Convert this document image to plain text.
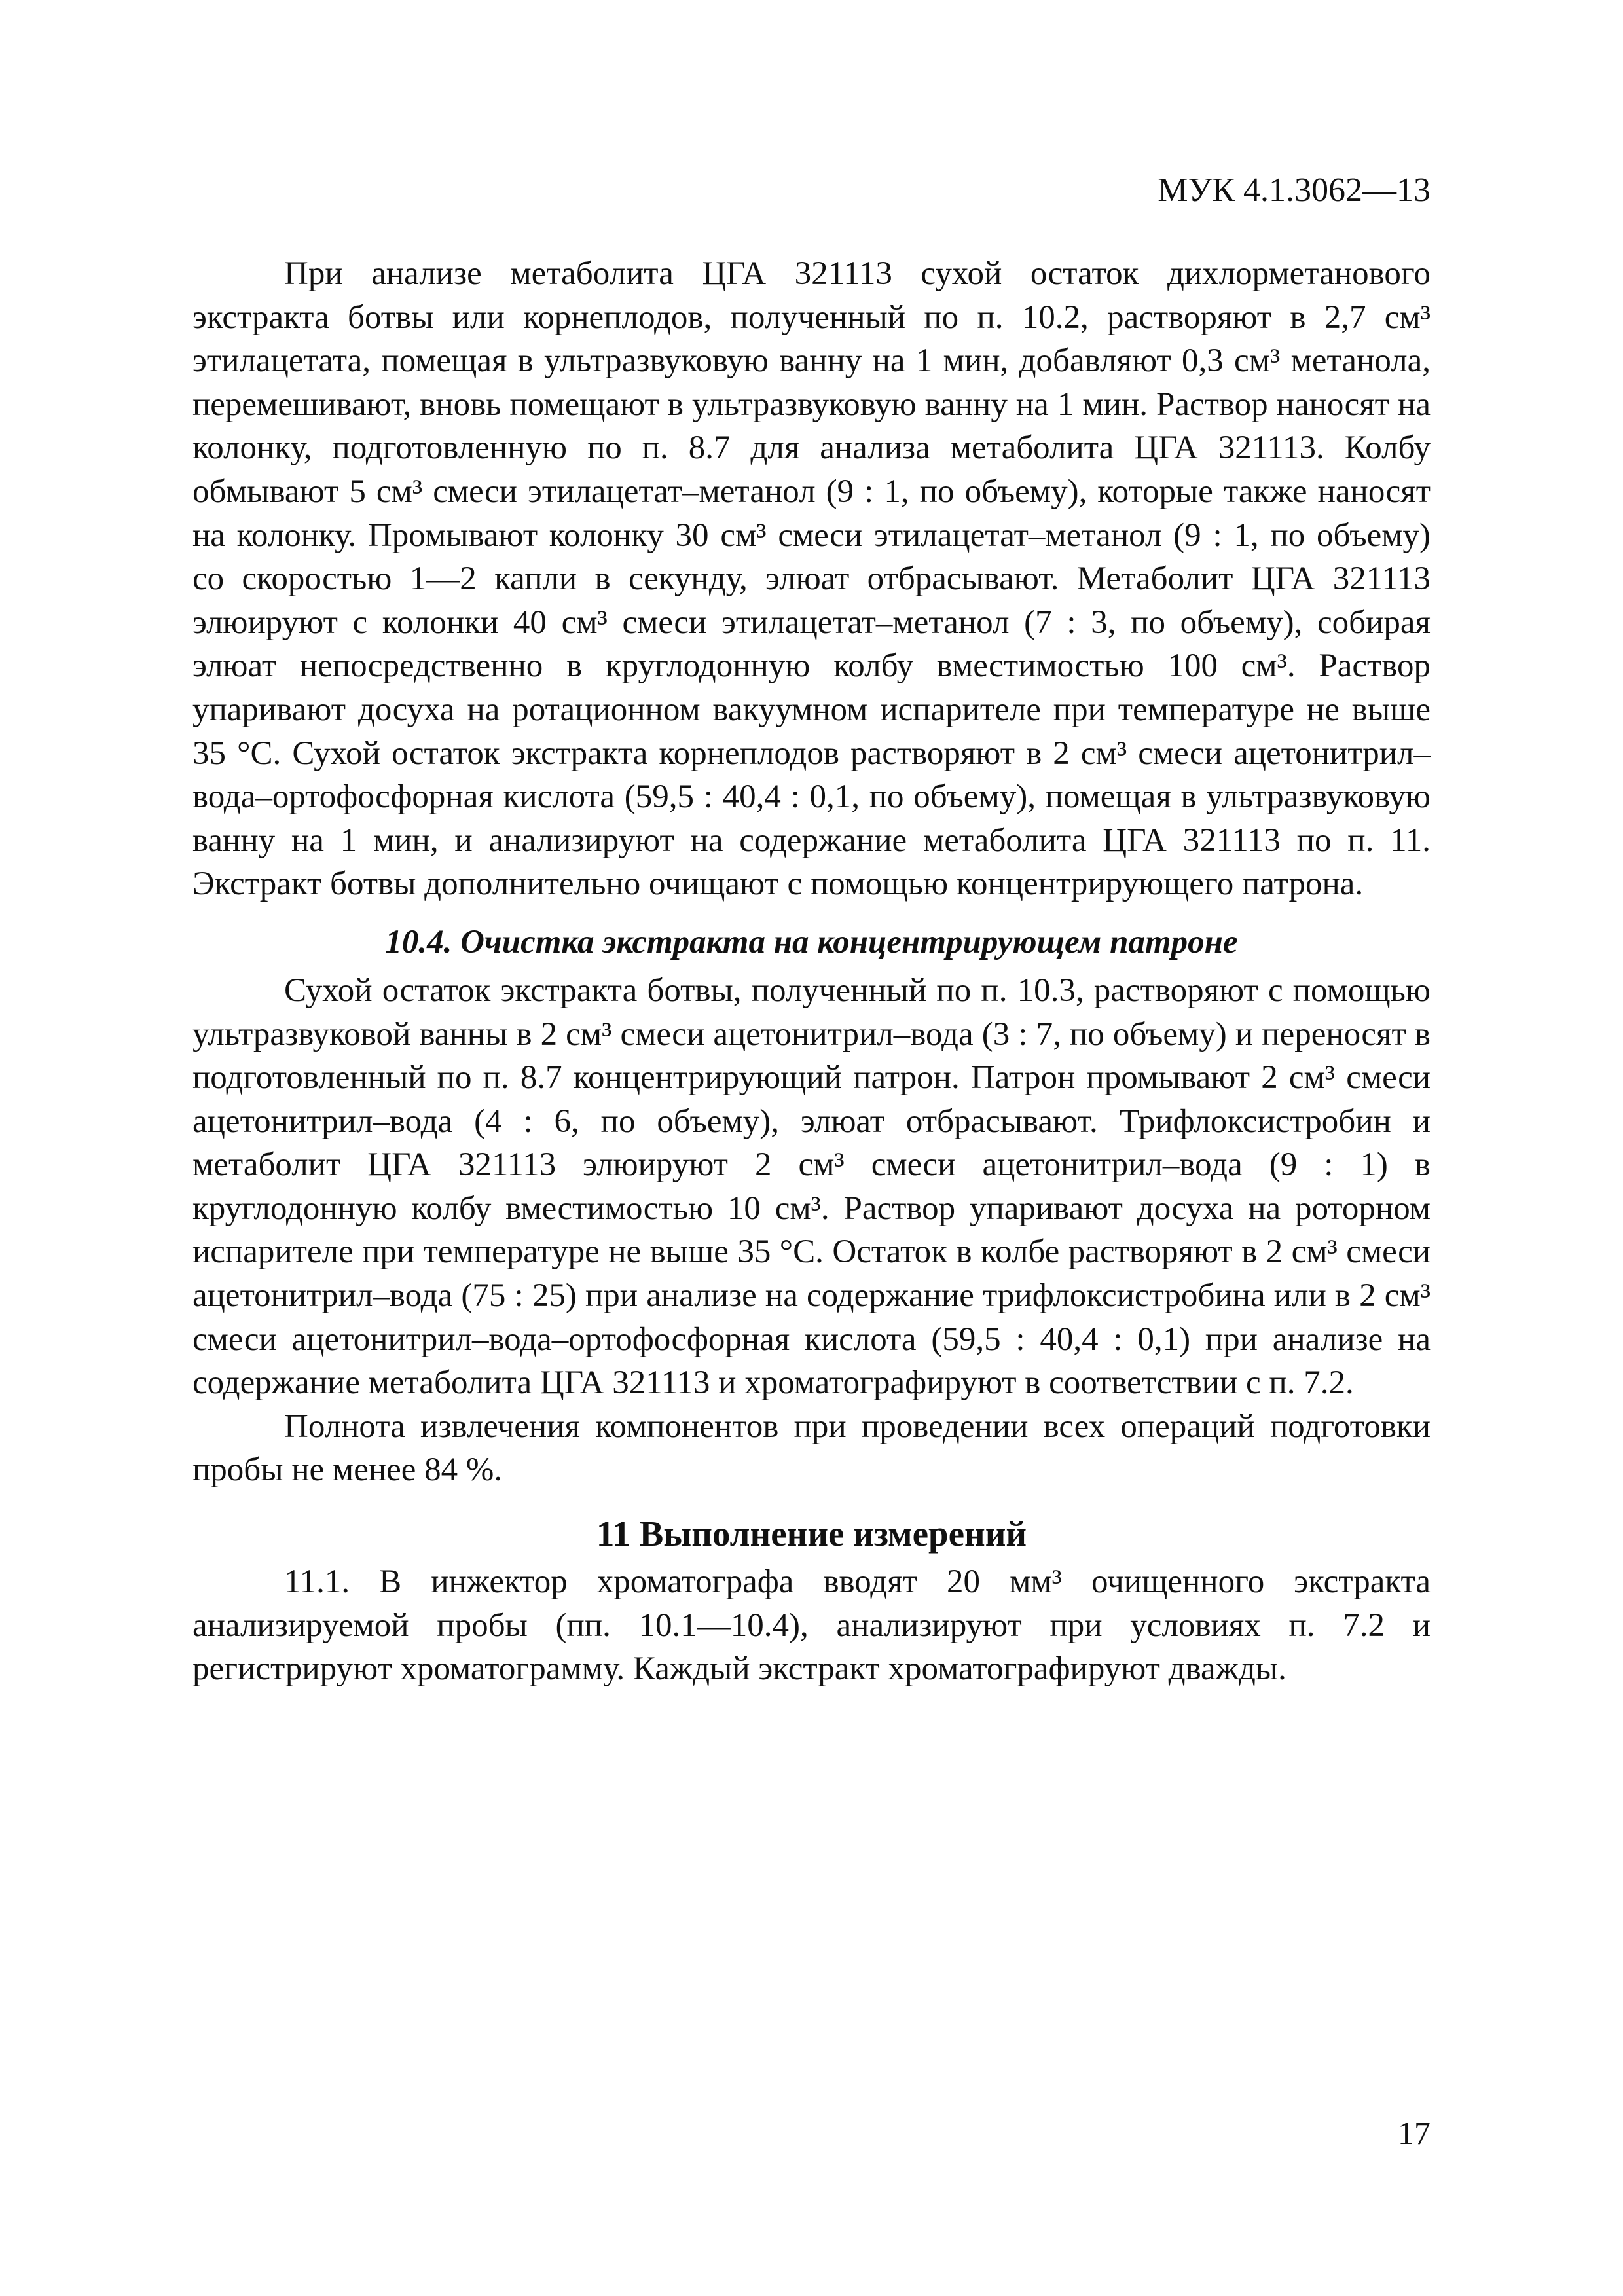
МУК 4.1.3062—13

При анализе метаболита ЦГА 321113 сухой остаток дихлорметанового экстракта ботвы или корнеплодов, полученный по п. 10.2, растворяют в 2,7 см³ этилацетата, помещая в ультразвуковую ванну на 1 мин, добавляют 0,3 см³ метанола, перемешивают, вновь помещают в ультразвуковую ванну на 1 мин. Раствор наносят на колонку, подготовленную по п. 8.7 для анализа метаболита ЦГА 321113. Колбу обмывают 5 см³ смеси этилацетат–метанол (9 : 1, по объему), которые также наносят на колонку. Промывают колонку 30 см³ смеси этилацетат–метанол (9 : 1, по объему) со скоростью 1—2 капли в секунду, элюат отбрасывают. Метаболит ЦГА 321113 элюируют с колонки 40 см³ смеси этилацетат–метанол (7 : 3, по объему), собирая элюат непосредственно в круглодонную колбу вместимостью 100 см³. Раствор упаривают досуха на ротационном вакуумном испарителе при температуре не выше 35 °С. Сухой остаток экстракта корнеплодов растворяют в 2 см³ смеси ацетонитрил–вода–ортофосфорная кислота (59,5 : 40,4 : 0,1, по объему), помещая в ультразвуковую ванну на 1 мин, и анализируют на содержание метаболита ЦГА 321113 по п. 11. Экстракт ботвы дополнительно очищают с помощью концентрирующего патрона.

10.4. Очистка экстракта на концентрирующем патроне

Сухой остаток экстракта ботвы, полученный по п. 10.3, растворяют с помощью ультразвуковой ванны в 2 см³ смеси ацетонитрил–вода (3 : 7, по объему) и переносят в подготовленный по п. 8.7 концентрирующий патрон. Патрон промывают 2 см³ смеси ацетонитрил–вода (4 : 6, по объему), элюат отбрасывают. Трифлоксистробин и метаболит ЦГА 321113 элюируют 2 см³ смеси ацетонитрил–вода (9 : 1) в круглодонную колбу вместимостью 10 см³. Раствор упаривают досуха на роторном испарителе при температуре не выше 35 °С. Остаток в колбе растворяют в 2 см³ смеси ацетонитрил–вода (75 : 25) при анализе на содержание трифлоксистробина или в 2 см³ смеси ацетонитрил–вода–ортофосфорная кислота (59,5 : 40,4 : 0,1) при анализе на содержание метаболита ЦГА 321113 и хроматографируют в соответствии с п. 7.2.

Полнота извлечения компонентов при проведении всех операций подготовки пробы не менее 84 %.

11 Выполнение измерений

11.1. В инжектор хроматографа вводят 20 мм³ очищенного экстракта анализируемой пробы (пп. 10.1—10.4), анализируют при условиях п. 7.2 и регистрируют хроматограмму. Каждый экстракт хроматографируют дважды.

17
